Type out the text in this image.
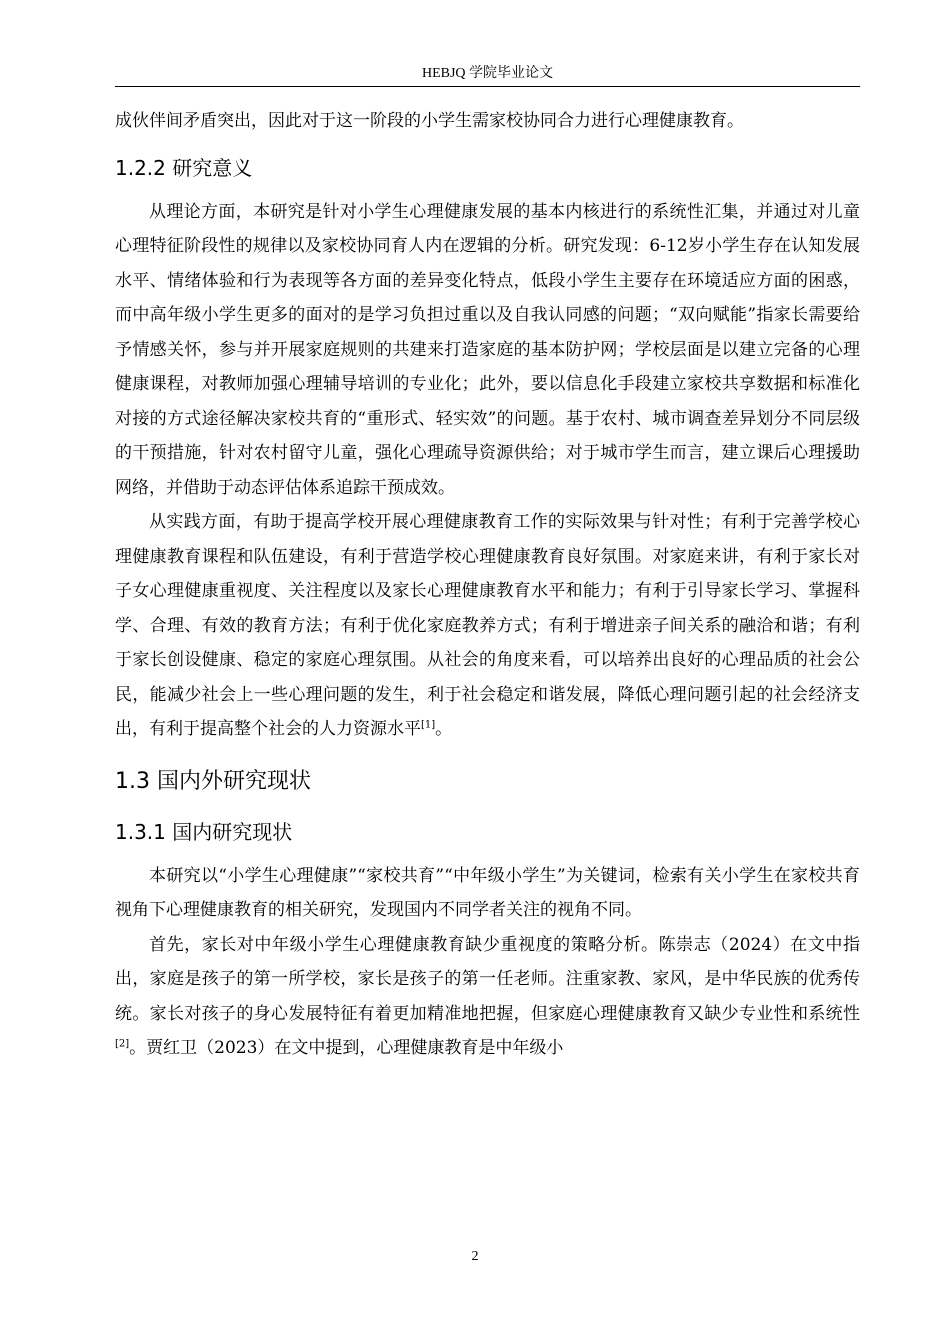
HEBJQ 学院毕业论文

成伙伴间矛盾突出，因此对于这一阶段的小学生需家校协同合力进行心理健康教育。

1.2.2 研究意义

从理论方面，本研究是针对小学生心理健康发展的基本内核进行的系统性汇集，并通过对儿童心理特征阶段性的规律以及家校协同育人内在逻辑的分析。研究发现：6-12岁小学生存在认知发展水平、情绪体验和行为表现等各方面的差异变化特点，低段小学生主要存在环境适应方面的困惑，而中高年级小学生更多的面对的是学习负担过重以及自我认同感的问题；“双向赋能”指家长需要给予情感关怀，参与并开展家庭规则的共建来打造家庭的基本防护网；学校层面是以建立完备的心理健康课程，对教师加强心理辅导培训的专业化；此外，要以信息化手段建立家校共享数据和标准化对接的方式途径解决家校共育的“重形式、轻实效”的问题。基于农村、城市调查差异划分不同层级的干预措施，针对农村留守儿童，强化心理疏导资源供给；对于城市学生而言，建立课后心理援助网络，并借助于动态评估体系追踪干预成效。

从实践方面，有助于提高学校开展心理健康教育工作的实际效果与针对性；有利于完善学校心理健康教育课程和队伍建设，有利于营造学校心理健康教育良好氛围。对家庭来讲，有利于家长对子女心理健康重视度、关注程度以及家长心理健康教育水平和能力；有利于引导家长学习、掌握科学、合理、有效的教育方法；有利于优化家庭教养方式；有利于增进亲子间关系的融洽和谐；有利于家长创设健康、稳定的家庭心理氛围。从社会的角度来看，可以培养出良好的心理品质的社会公民，能减少社会上一些心理问题的发生，利于社会稳定和谐发展，降低心理问题引起的社会经济支出，有利于提高整个社会的人力资源水平[1]。

1.3 国内外研究现状
1.3.1 国内研究现状

本研究以“小学生心理健康”“家校共育”“中年级小学生”为关键词，检索有关小学生在家校共育视角下心理健康教育的相关研究，发现国内不同学者关注的视角不同。

首先，家长对中年级小学生心理健康教育缺少重视度的策略分析。陈崇志（2024）在文中指出，家庭是孩子的第一所学校，家长是孩子的第一任老师。注重家教、家风，是中华民族的优秀传统。家长对孩子的身心发展特征有着更加精准地把握，但家庭心理健康教育又缺少专业性和系统性[2]。贾红卫（2023）在文中提到，心理健康教育是中年级小

2
